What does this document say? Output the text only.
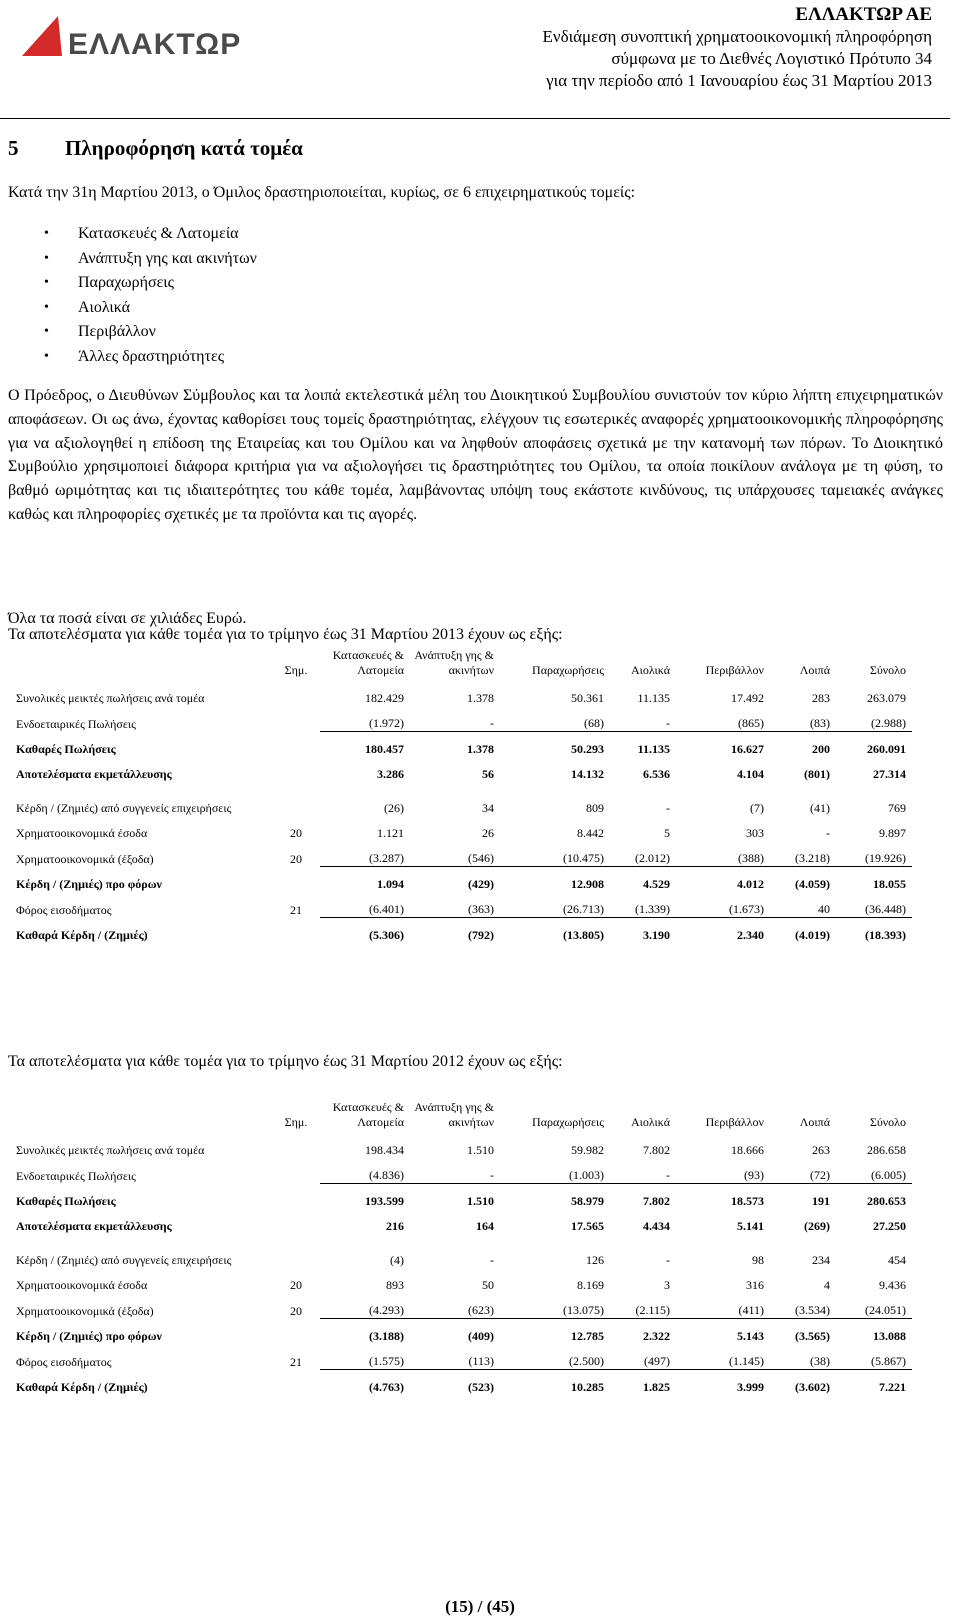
ΕΛΛΑΚΤΩΡ
ΕΛΛΑΚΤΩΡ ΑΕ
Ενδιάμεση συνοπτική χρηματοοικονομική πληροφόρηση
σύμφωνα με το Διεθνές Λογιστικό Πρότυπο 34
για την περίοδο από 1 Ιανουαρίου έως 31 Μαρτίου 2013
5 Πληροφόρηση κατά τομέα
Κατά την 31η Μαρτίου 2013, ο Όμιλος δραστηριοποιείται, κυρίως, σε 6 επιχειρηματικούς τομείς:
• Κατασκευές & Λατομεία
• Ανάπτυξη γης και ακινήτων
• Παραχωρήσεις
• Αιολικά
• Περιβάλλον
• Άλλες δραστηριότητες
Ο Πρόεδρος, ο Διευθύνων Σύμβουλος και τα λοιπά εκτελεστικά μέλη του Διοικητικού Συμβουλίου συνιστούν τον κύριο λήπτη επιχειρηματικών αποφάσεων. Οι ως άνω, έχοντας καθορίσει τους τομείς δραστηριότητας, ελέγχουν τις εσωτερικές αναφορές χρηματοοικονομικής πληροφόρησης για να αξιολογηθεί η επίδοση της Εταιρείας και του Ομίλου και να ληφθούν αποφάσεις σχετικά με την κατανομή των πόρων. Το Διοικητικό Συμβούλιο χρησιμοποιεί διάφορα κριτήρια για να αξιολογήσει τις δραστηριότητες του Ομίλου, τα οποία ποικίλουν ανάλογα με τη φύση, το βαθμό ωριμότητας και τις ιδιαιτερότητες του κάθε τομέα, λαμβάνοντας υπόψη τους εκάστοτε κινδύνους, τις υπάρχουσες ταμειακές ανάγκες καθώς και πληροφορίες σχετικές με τα προϊόντα και τις αγορές.
Όλα τα ποσά είναι σε χιλιάδες Ευρώ.
Τα αποτελέσματα για κάθε τομέα για το τρίμηνο έως 31 Μαρτίου 2013 έχουν ως εξής:
	Σημ.	Κατασκευές & Λατομεία	Ανάπτυξη γης & ακινήτων	Παραχωρήσεις	Αιολικά	Περιβάλλον	Λοιπά	Σύνολο
Συνολικές μεικτές πωλήσεις ανά τομέα		182.429	1.378	50.361	11.135	17.492	283	263.079
Ενδοεταιρικές Πωλήσεις		(1.972)	-	(68)	-	(865)	(83)	(2.988)
Καθαρές Πωλήσεις		180.457	1.378	50.293	11.135	16.627	200	260.091
Αποτελέσματα εκμετάλλευσης		3.286	56	14.132	6.536	4.104	(801)	27.314
Κέρδη / (Ζημιές) από συγγενείς επιχειρήσεις		(26)	34	809	-	(7)	(41)	769
Χρηματοοικονομικά έσοδα	20	1.121	26	8.442	5	303	-	9.897
Χρηματοοικονομικά (έξοδα)	20	(3.287)	(546)	(10.475)	(2.012)	(388)	(3.218)	(19.926)
Κέρδη / (Ζημιές) προ φόρων		1.094	(429)	12.908	4.529	4.012	(4.059)	18.055
Φόρος εισοδήματος	21	(6.401)	(363)	(26.713)	(1.339)	(1.673)	40	(36.448)
Καθαρά Κέρδη / (Ζημιές)		(5.306)	(792)	(13.805)	3.190	2.340	(4.019)	(18.393)
Τα αποτελέσματα για κάθε τομέα για το τρίμηνο έως 31 Μαρτίου 2012 έχουν ως εξής:
	Σημ.	Κατασκευές & Λατομεία	Ανάπτυξη γης & ακινήτων	Παραχωρήσεις	Αιολικά	Περιβάλλον	Λοιπά	Σύνολο
Συνολικές μεικτές πωλήσεις ανά τομέα		198.434	1.510	59.982	7.802	18.666	263	286.658
Ενδοεταιρικές Πωλήσεις		(4.836)	-	(1.003)	-	(93)	(72)	(6.005)
Καθαρές Πωλήσεις		193.599	1.510	58.979	7.802	18.573	191	280.653
Αποτελέσματα εκμετάλλευσης		216	164	17.565	4.434	5.141	(269)	27.250
Κέρδη / (Ζημιές) από συγγενείς επιχειρήσεις		(4)	-	126	-	98	234	454
Χρηματοοικονομικά έσοδα	20	893	50	8.169	3	316	4	9.436
Χρηματοοικονομικά (έξοδα)	20	(4.293)	(623)	(13.075)	(2.115)	(411)	(3.534)	(24.051)
Κέρδη / (Ζημιές) προ φόρων		(3.188)	(409)	12.785	2.322	5.143	(3.565)	13.088
Φόρος εισοδήματος	21	(1.575)	(113)	(2.500)	(497)	(1.145)	(38)	(5.867)
Καθαρά Κέρδη / (Ζημιές)		(4.763)	(523)	10.285	1.825	3.999	(3.602)	7.221
(15) / (45)
